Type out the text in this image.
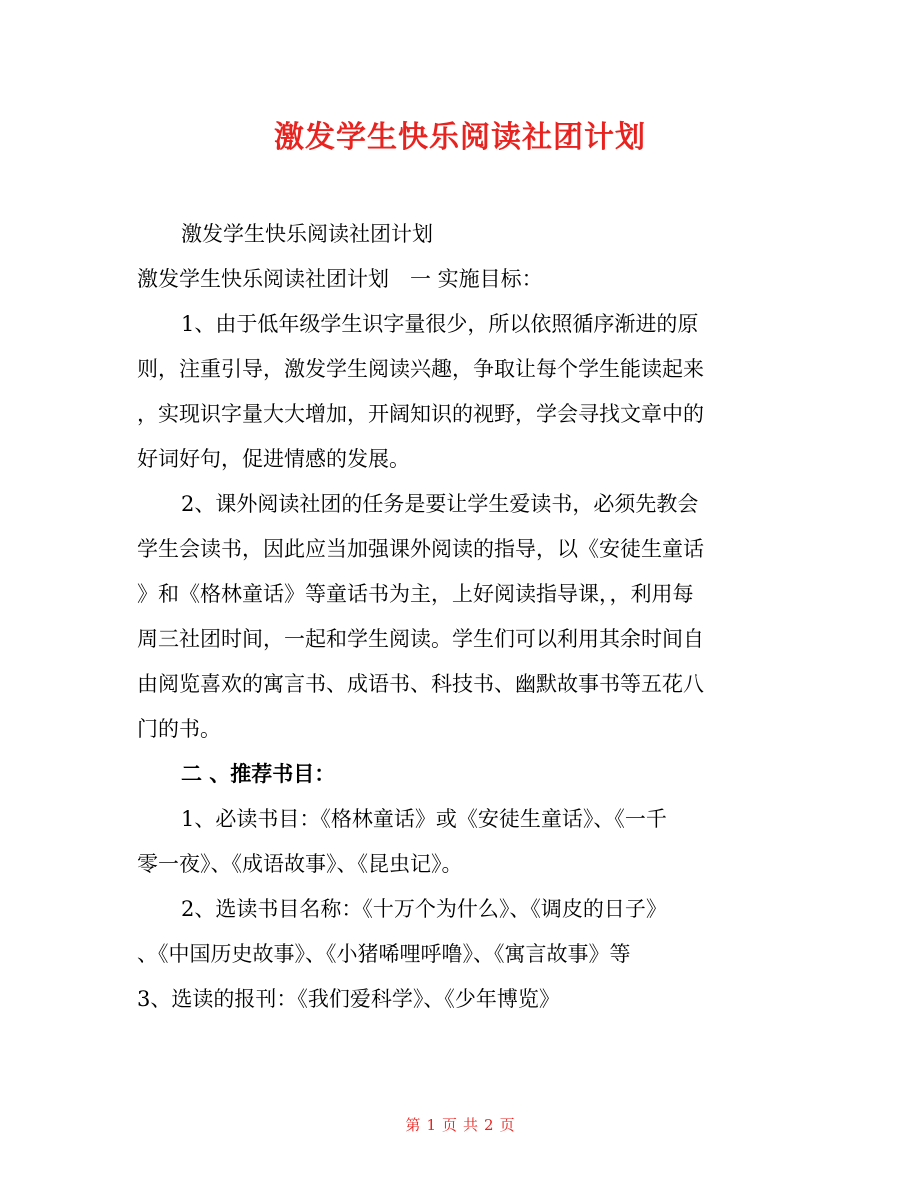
激发学生快乐阅读社团计划

激发学生快乐阅读社团计划

激发学生快乐阅读社团计划　一 实施目标：

1、由于低年级学生识字量很少，所以依照循序渐进的原

则，注重引导，激发学生阅读兴趣，争取让每个学生能读起来

，实现识字量大大增加，开阔知识的视野，学会寻找文章中的

好词好句，促进情感的发展。

2、课外阅读社团的任务是要让学生爱读书，必须先教会

学生会读书，因此应当加强课外阅读的指导，以《安徒生童话

》和《格林童话》等童话书为主，上好阅读指导课，，利用每

周三社团时间，一起和学生阅读。学生们可以利用其余时间自

由阅览喜欢的寓言书、成语书、科技书、幽默故事书等五花八

门的书。

二 、推荐书目：

1、必读书目：《格林童话》或《安徒生童话》、《一千

零一夜》、《成语故事》、《昆虫记》。

2、选读书目名称：《十万个为什么》、《调皮的日子》

、《中国历史故事》、《小猪唏哩呼噜》、《寓言故事》等

3、选读的报刊：《我们爱科学》、《少年博览》

第 1 页 共 2 页
